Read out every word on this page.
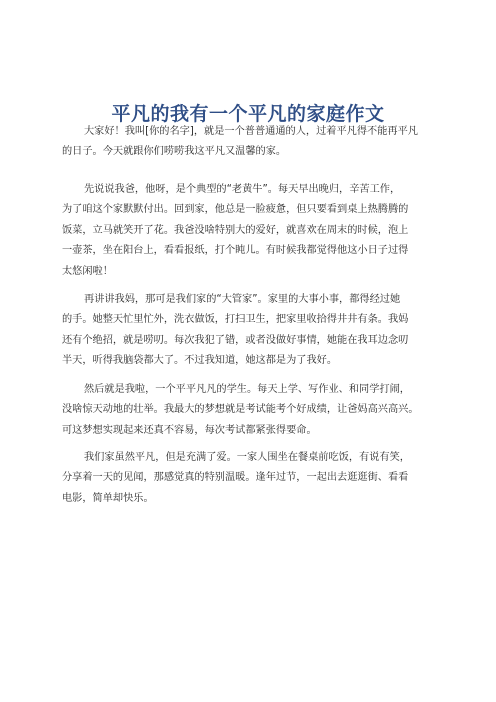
平凡的我有一个平凡的家庭作文
大家好！我叫[你的名字]，就是一个普普通通的人，过着平凡得不能再平凡
的日子。今天就跟你们唠唠我这平凡又温馨的家。
先说说我爸，他呀，是个典型的“老黄牛”。每天早出晚归，辛苦工作，
为了咱这个家默默付出。回到家，他总是一脸疲惫，但只要看到桌上热腾腾的
饭菜，立马就笑开了花。我爸没啥特别大的爱好，就喜欢在周末的时候，泡上
一壶茶，坐在阳台上，看看报纸，打个盹儿。有时候我都觉得他这小日子过得
太悠闲啦！
再讲讲我妈，那可是我们家的“大管家”。家里的大事小事，都得经过她
的手。她整天忙里忙外，洗衣做饭，打扫卫生，把家里收拾得井井有条。我妈
还有个绝招，就是唠叨。每次我犯了错，或者没做好事情，她能在我耳边念叨
半天，听得我脑袋都大了。不过我知道，她这都是为了我好。
然后就是我啦，一个平平凡凡的学生。每天上学、写作业、和同学打闹，
没啥惊天动地的壮举。我最大的梦想就是考试能考个好成绩，让爸妈高兴高兴。
可这梦想实现起来还真不容易，每次考试都紧张得要命。
我们家虽然平凡，但是充满了爱。一家人围坐在餐桌前吃饭，有说有笑，
分享着一天的见闻，那感觉真的特别温暖。逢年过节，一起出去逛逛街、看看
电影，简单却快乐。
